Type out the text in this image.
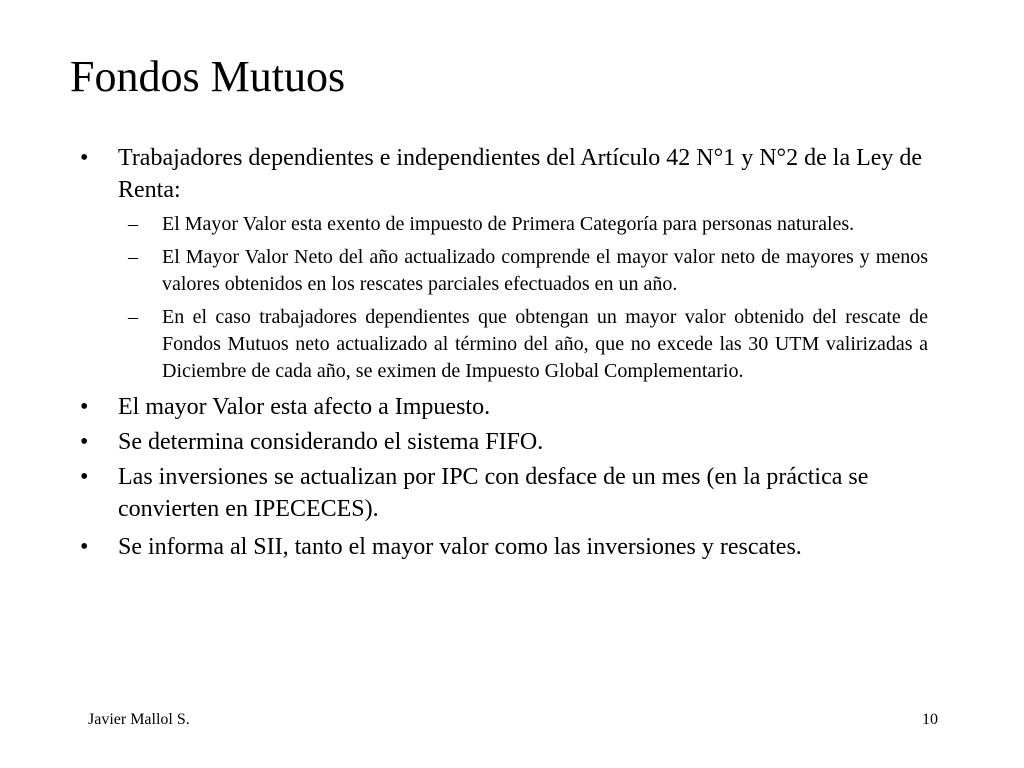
Fondos Mutuos
•	Trabajadores dependientes e independientes del Artículo 42 N°1 y N°2 de la Ley de Renta:
– El Mayor Valor esta exento de impuesto de Primera Categoría para personas naturales.
– El Mayor Valor Neto del año actualizado comprende el mayor valor neto de mayores y menos valores obtenidos en los rescates parciales efectuados en un año.
– En el caso trabajadores dependientes que obtengan un mayor valor obtenido del rescate de Fondos Mutuos neto actualizado al término del año, que no excede las 30 UTM valirizadas a Diciembre de cada año, se eximen de Impuesto Global Complementario.
•	El mayor Valor esta afecto a Impuesto.
•	Se determina considerando el sistema FIFO.
•	Las inversiones se actualizan por IPC con desface de un mes (en la práctica se convierten en IPECECES).
•	Se informa al SII, tanto el mayor valor como las inversiones y rescates.
Javier Mallol S.	10
